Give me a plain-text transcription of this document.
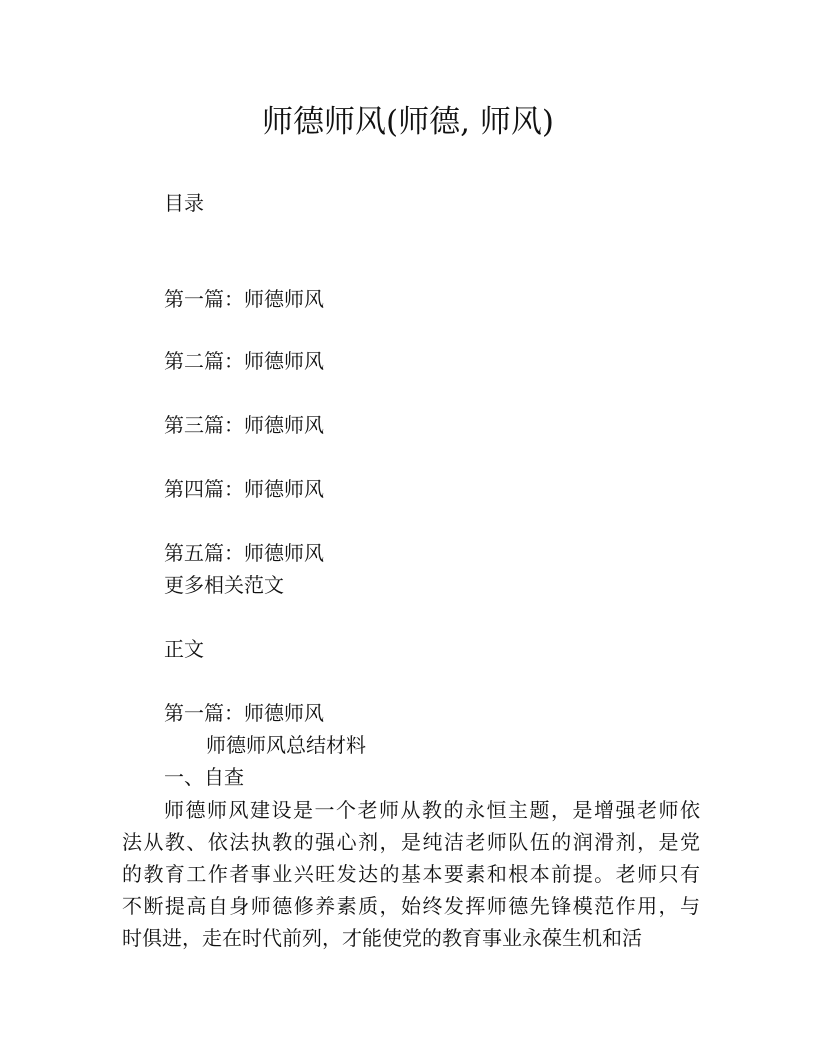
师德师风(师德, 师风)
目录
第一篇：师德师风
第二篇：师德师风
第三篇：师德师风
第四篇：师德师风
第五篇：师德师风
更多相关范文
正文
第一篇：师德师风
师德师风总结材料
一、自查
师德师风建设是一个老师从教的永恒主题，是增强老师依
法从教、依法执教的强心剂，是纯洁老师队伍的润滑剂，是党
的教育工作者事业兴旺发达的基本要素和根本前提。老师只有
不断提高自身师德修养素质，始终发挥师德先锋模范作用，与
时俱进，走在时代前列，才能使党的教育事业永葆生机和活
